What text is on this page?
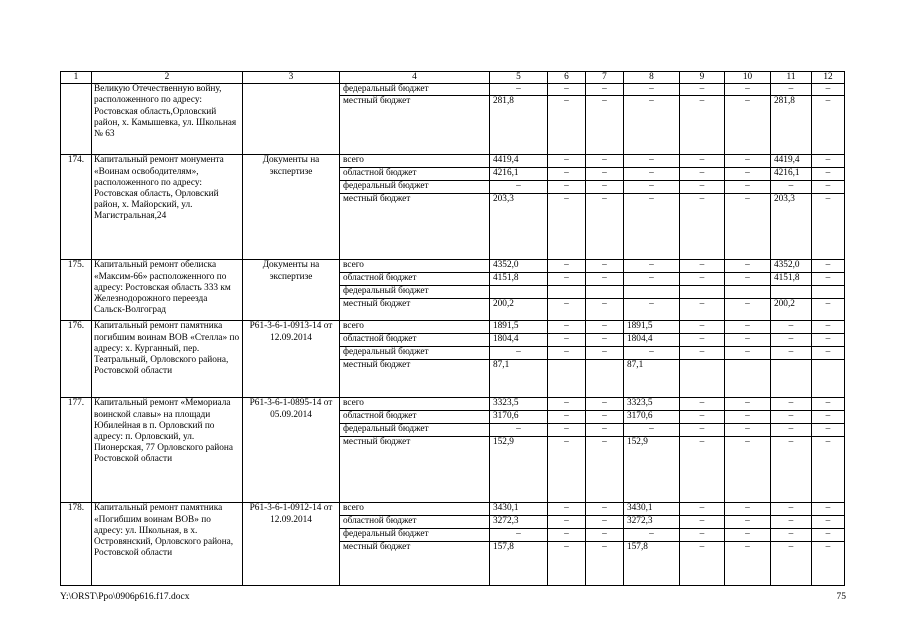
1	2	3	4	5	6	7	8	9	10	11	12
	Великую Отечественную войну, расположенного по адресу: Ростовская область,Орловский район, х. Камышевка, ул. Школьная № 63		федеральный бюджет	–	–	–	–	–	–	–	–
			местный бюджет	281,8	–	–	–	–	–	281,8	–
174.	Капитальный ремонт монумента «Воинам освободителям», расположенного по адресу: Ростовская область, Орловский район, х. Майорский, ул. Магистральная,24	Документы на экспертизе	всего	4419,4	–	–	–	–	–	4419,4	–
			областной бюджет	4216,1	–	–	–	–	–	4216,1	–
			федеральный бюджет	–	–	–	–	–	–	–	–
			местный бюджет	203,3	–	–	–	–	–	203,3	–
175.	Капитальный ремонт обелиска «Максим-66» расположенного по адресу: Ростовская область 333 км Железнодорожного переезда Сальск-Волгоград	Документы на экспертизе	всего	4352,0	–	–	–	–	–	4352,0	–
			областной бюджет	4151,8	–	–	–	–	–	4151,8	–
			федеральный бюджет								
			местный бюджет	200,2	–	–	–	–	–	200,2	–
176.	Капитальный ремонт памятника погибшим воинам ВОВ «Стелла» по адресу: х. Курганный, пер. Театральный, Орловского района, Ростовской области	Р61-3-6-1-0913-14 от 12.09.2014	всего	1891,5	–	–	1891,5	–	–	–	–
			областной бюджет	1804,4	–	–	1804,4	–	–	–	–
			федеральный бюджет	–	–	–	–	–	–	–	–
			местный бюджет	87,1			87,1				
177.	Капитальный ремонт «Мемориала воинской славы» на площади Юбилейная в п. Орловский по адресу: п. Орловский, ул. Пионерская, 77 Орловского района Ростовской области	Р61-3-6-1-0895-14 от 05.09.2014	всего	3323,5	–	–	3323,5	–	–	–	–
			областной бюджет	3170,6	–	–	3170,6	–	–	–	–
			федеральный бюджет	–	–	–	–	–	–	–	–
			местный бюджет	152,9	–	–	152,9	–	–	–	–
178.	Капитальный ремонт памятника «Погибшим воинам ВОВ» по адресу: ул. Школьная, в х. Островянский, Орловского района, Ростовской области	Р61-3-6-1-0912-14 от 12.09.2014	всего	3430,1	–	–	3430,1	–	–	–	–
			областной бюджет	3272,3	–	–	3272,3	–	–	–	–
			федеральный бюджет	–	–	–	–	–	–	–	–
			местный бюджет	157,8	–	–	157,8	–	–	–	–
Y:\ORST\Ppo\0906p616.f17.docx	75
